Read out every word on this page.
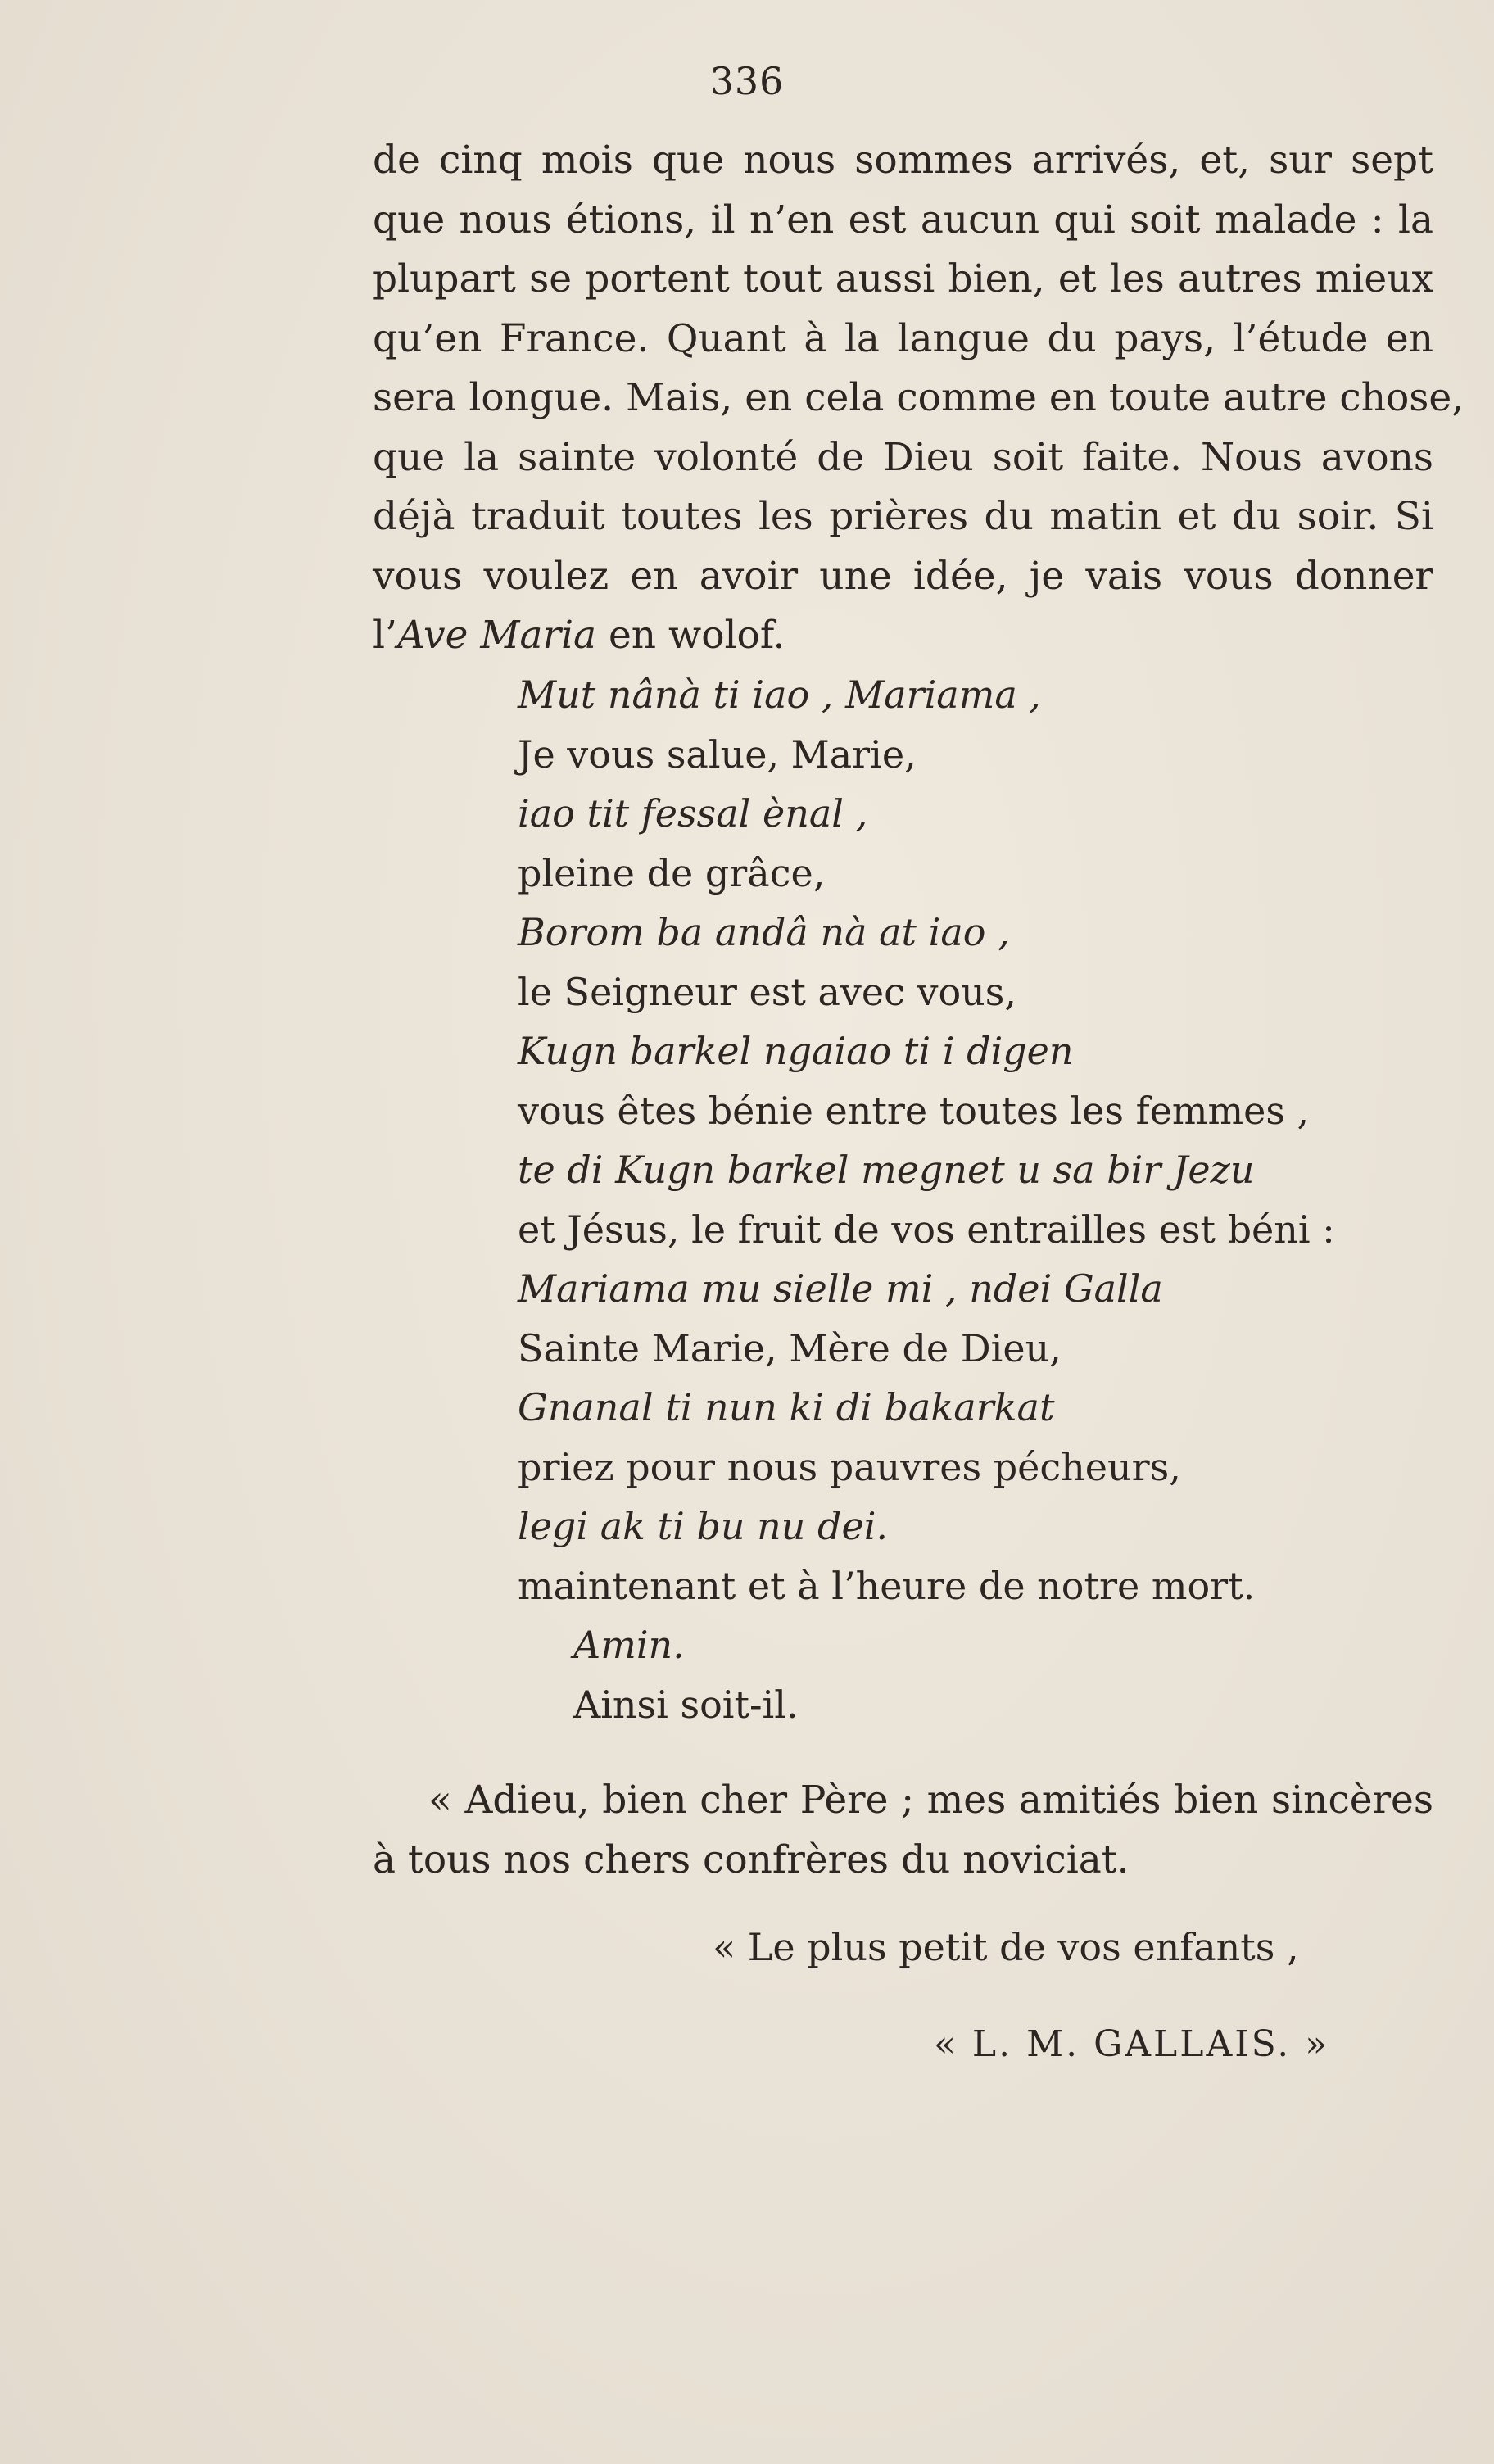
336
de cinq mois que nous sommes arrivés, et, sur sept
que nous étions, il n’en est aucun qui soit malade : la
plupart se portent tout aussi bien, et les autres mieux
qu’en France. Quant à la langue du pays, l’étude en
sera longue. Mais, en cela comme en toute autre chose,
que la sainte volonté de Dieu soit faite. Nous avons
déjà traduit toutes les prières du matin et du soir. Si
vous voulez en avoir une idée, je vais vous donner
l’Ave Maria en wolof.
Mut nânà ti iao , Mariama ,
Je vous salue, Marie,
iao tit fessal ènal ,
pleine de grâce,
Borom ba andâ nà at iao ,
le Seigneur est avec vous,
Kugn barkel ngaiao ti i digen
vous êtes bénie entre toutes les femmes ,
te di Kugn barkel megnet u sa bir Jezu
et Jésus, le fruit de vos entrailles est béni :
Mariama mu sielle mi , ndei Galla
Sainte Marie, Mère de Dieu,
Gnanal ti nun ki di bakarkat
priez pour nous pauvres pécheurs,
legi ak ti bu nu dei.
maintenant et à l’heure de notre mort.
Amin.
Ainsi soit-il.
« Adieu, bien cher Père ; mes amitiés bien sincères
à tous nos chers confrères du noviciat.
« Le plus petit de vos enfants ,
« L. M. GALLAIS. »
